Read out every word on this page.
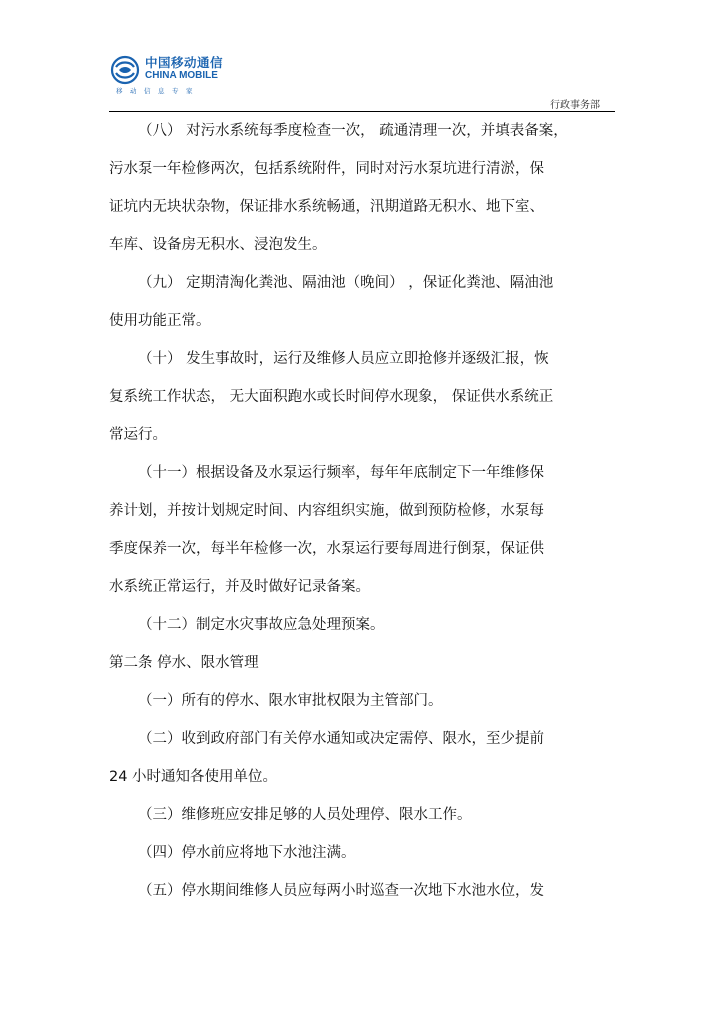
中国移动通信
CHINA MOBILE
移动信息专家
行政事务部
（八） 对污水系统每季度检查一次， 疏通清理一次，并填表备案，
污水泵一年检修两次，包括系统附件，同时对污水泵坑进行清淤，保
证坑内无块状杂物，保证排水系统畅通，汛期道路无积水、地下室、
车库、设备房无积水、浸泡发生。
（九） 定期清淘化粪池、隔油池（晚间） ，保证化粪池、隔油池
使用功能正常。
（十） 发生事故时，运行及维修人员应立即抢修并逐级汇报，恢
复系统工作状态， 无大面积跑水或长时间停水现象， 保证供水系统正
常运行。
（十一）根据设备及水泵运行频率，每年年底制定下一年维修保
养计划，并按计划规定时间、内容组织实施，做到预防检修，水泵每
季度保养一次，每半年检修一次，水泵运行要每周进行倒泵，保证供
水系统正常运行，并及时做好记录备案。
（十二）制定水灾事故应急处理预案。
第二条 停水、限水管理
（一）所有的停水、限水审批权限为主管部门。
（二）收到政府部门有关停水通知或决定需停、限水，至少提前
24 小时通知各使用单位。
（三）维修班应安排足够的人员处理停、限水工作。
（四）停水前应将地下水池注满。
（五）停水期间维修人员应每两小时巡查一次地下水池水位，发
